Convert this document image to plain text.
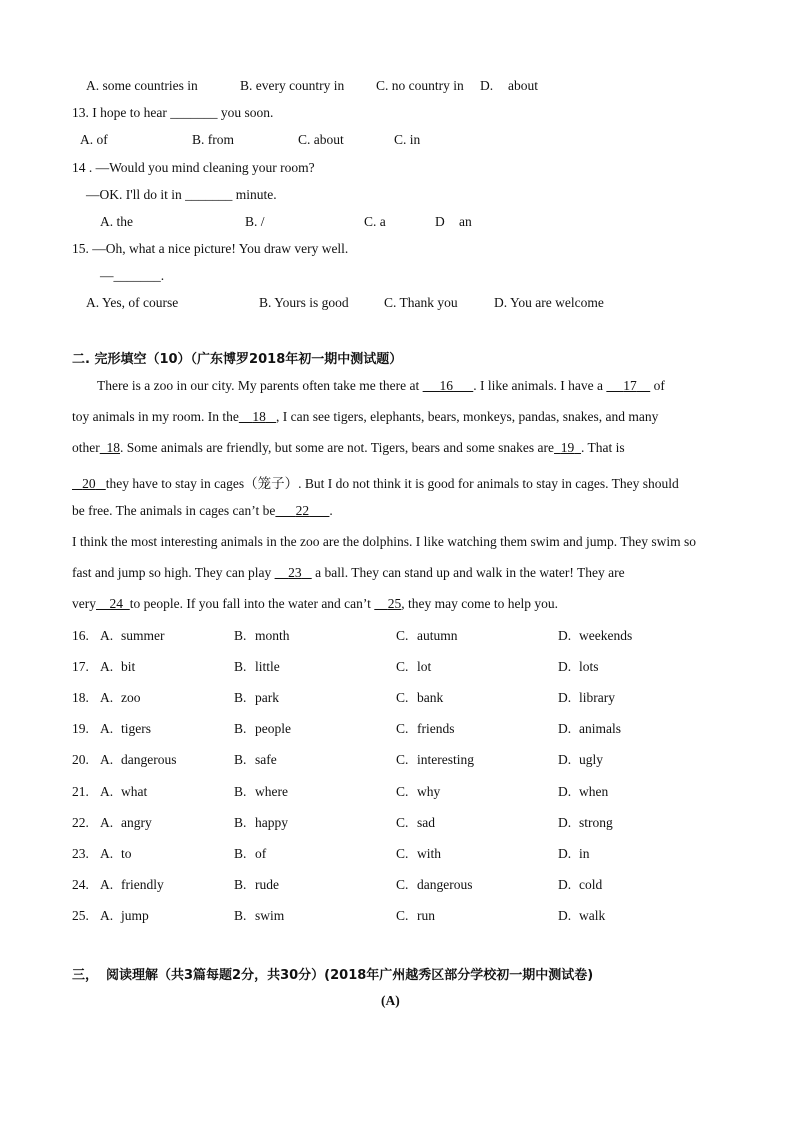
A. some countries in	B. every country in C. no country in D. about
13. I hope to hear _______ you soon.
A. of	B. from	C. about	C. in
14 . —Would you mind cleaning your room?
—OK. I'll do it in _______ minute.
A. the	B. /	C. a	D an
15. —Oh, what a nice picture! You draw very well.
—_______.
A. Yes, of course	B. Yours is good	C. Thank you	D. You are welcome
二. 完形填空（10）（广东博罗2018年初一期中测试题）
There is a zoo in our city. My parents often take me there at      16 . I like animals. I have a      17     of
toy animals in my room. In the 18 , I can see tigers, elephants, bears, monkeys, pandas, snakes, and many
other 18. Some animals are friendly, but some are not. Tigers, bears and some snakes are 19 . That is
20 they have to stay in cages（笼子）. But I do not think it is good for animals to stay in cages. They should
be free. The animals in cages can’t be 22 .
I think the most interesting animals in the zoo are the dolphins. I like watching them swim and jump. They swim so
fast and jump so high. They can play     23    a ball. They can stand up and walk in the water! They are
very 24 to people. If you fall into the water and can’t     25, they may come to help you.
16. A. summer	B. month	C. autumn	D. weekends
17. A. bit	B. little	C. lot	D. lots
18. A. zoo	B. park	C. bank	D. library
19. A. tigers	B. people	C. friends	D. animals
20. A. dangerous	B. safe	C. interesting	D. ugly
21. A. what	B. where	C. why	D. when
22. A. angry	B. happy	C. sad	D. strong
23. A. to	B. of	C. with	D. in
24. A. friendly	B. rude	C. dangerous	D. cold
25. A. jump	B. swim	C. run	D. walk
三， 阅读理解（共3篇每题2分，共30分）(2018年广州越秀区部分学校初一期中测试卷)
(A)
